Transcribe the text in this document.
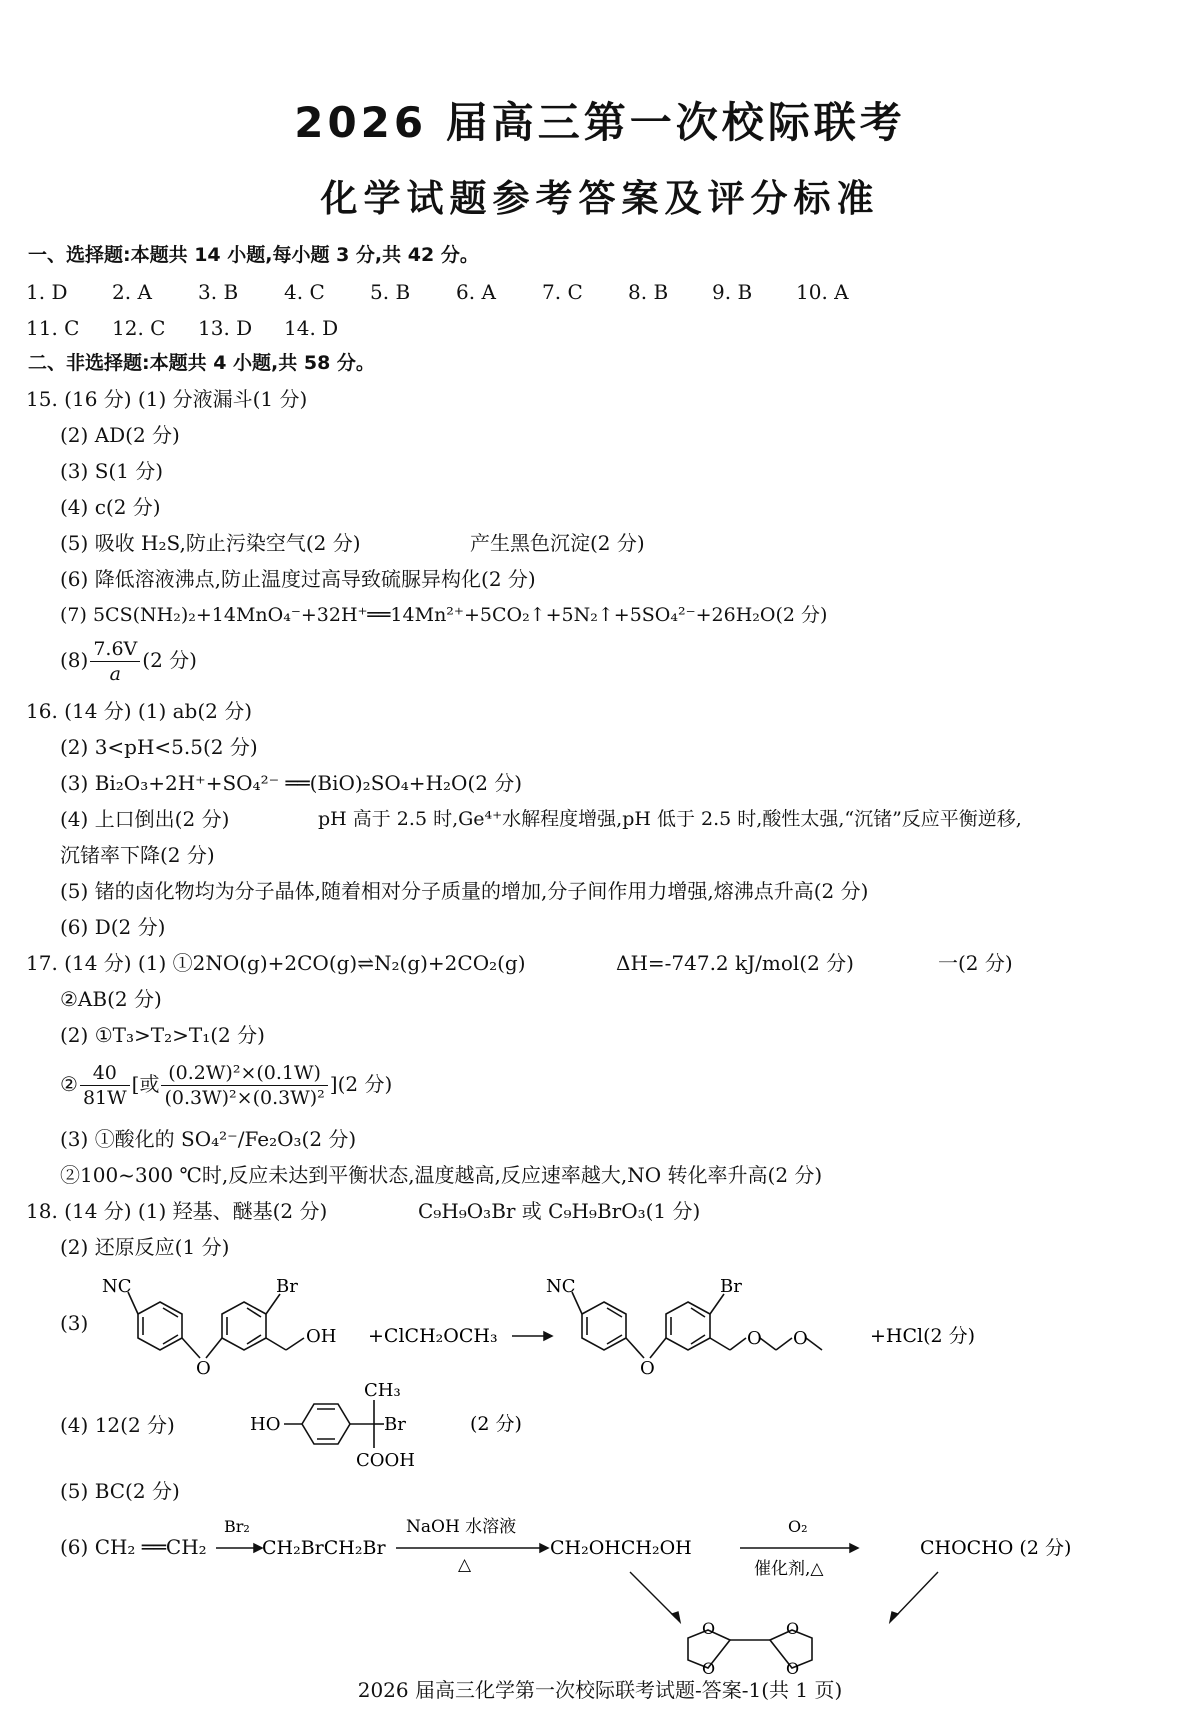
2026 届高三第一次校际联考
化学试题参考答案及评分标准
一、选择题:本题共 14 小题,每小题 3 分,共 42 分。
1. D 2. A 3. B 4. C 5. B 6. A 7. C 8. B 9. B 10. A
11. C 12. C 13. D 14. D
二、非选择题:本题共 4 小题,共 58 分。
15. (16 分) (1) 分液漏斗(1 分)
(2) AD(2 分)
(3) S(1 分)
(4) c(2 分)
(5) 吸收 H₂S,防止污染空气(2 分)	产生黑色沉淀(2 分)
(6) 降低溶液沸点,防止温度过高导致硫脲异构化(2 分)
(7) 5CS(NH₂)₂+14MnO₄⁻+32H⁺══14Mn²⁺+5CO₂↑+5N₂↑+5SO₄²⁻+26H₂O(2 分)
$(8) \frac{7.6V}{a} (2$ 分)
16. (14 分) (1) ab(2 分)
(2) 3<pH<5.5(2 分)
(3) Bi₂O₃+2H⁺+SO₄²⁻ ══(BiO)₂SO₄+H₂O(2 分)
(4) 上口倒出(2 分)	pH 高于 2.5 时,Ge⁴⁺水解程度增强,pH 低于 2.5 时,酸性太强,“沉锗”反应平衡逆移,
沉锗率下降(2 分)
(5) 锗的卤化物均为分子晶体,随着相对分子质量的增加,分子间作用力增强,熔沸点升高(2 分)
(6) D(2 分)
17. (14 分) (1) ①2NO(g)+2CO(g)⇌N₂(g)+2CO₂(g)	ΔH=-747.2 kJ/mol(2 分)	一(2 分)
②AB(2 分)
(2) ①T₃>T₂>T₁(2 分)
② $\frac{40}{81W}$ [或 $\frac{\text{(0.2W)²×(0.1W)}}{\text{(0.3W)²×(0.3W)²}} ](2$ 分)
(3) ①酸化的 SO₄²⁻/Fe₂O₃(2 分)
②100~300 ℃时,反应未达到平衡状态,温度越高,反应速率越大,NO 转化率升高(2 分)
18. (14 分) (1) 羟基、醚基(2 分)	C₉H₉O₃Br 或 C₉H₉BrO₃(1 分)
(2) 还原反应(1 分)
(3)
NC	Br
O
OH +ClCH₂OCH₃
NC	Br
O
O O	+HCl(2 分)
(4) 12(2 分)	HO
CH₃
Br
COOH
(2 分)
(5) BC(2 分)
(6) CH₂ ══CH₂
Br₂
CH₂BrCH₂Br
NaOH 水溶液
△
CH₂OHCH₂OH
O₂
催化剂,△
CHOCHO (2 分)
O
O
O
O
2026 届高三化学第一次校际联考试题-答案-1(共 1 页)
